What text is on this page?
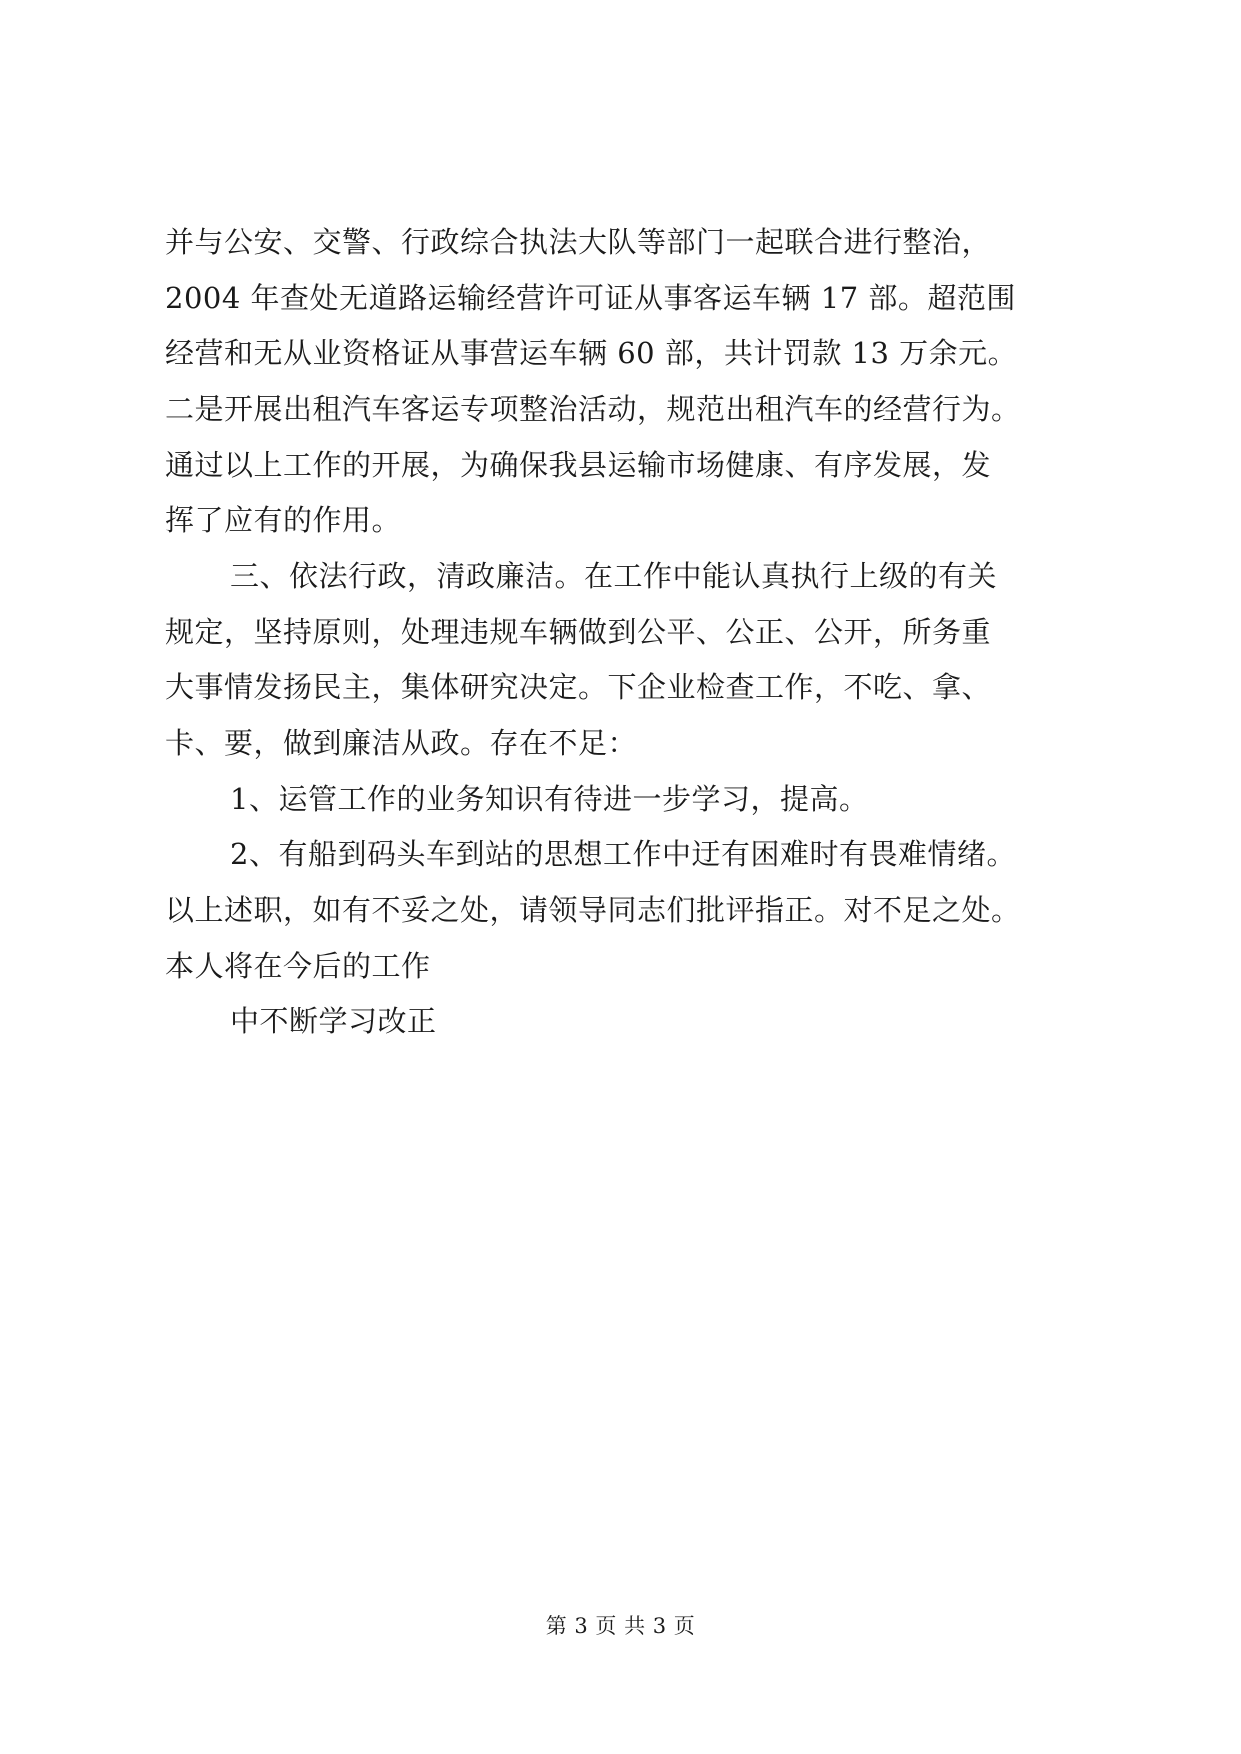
并与公安、交警、行政综合执法大队等部门一起联合进行整治，
2004 年查处无道路运输经营许可证从事客运车辆 17 部。超范围
经营和无从业资格证从事营运车辆 60 部，共计罚款 13 万余元。
二是开展出租汽车客运专项整治活动，规范出租汽车的经营行为。
通过以上工作的开展，为确保我县运输市场健康、有序发展，发
挥了应有的作用。
三、依法行政，清政廉洁。在工作中能认真执行上级的有关
规定，坚持原则，处理违规车辆做到公平、公正、公开，所务重
大事情发扬民主，集体研究决定。下企业检查工作，不吃、拿、
卡、要，做到廉洁从政。存在不足：
1、运管工作的业务知识有待进一步学习，提高。
2、有船到码头车到站的思想工作中迂有困难时有畏难情绪。
以上述职，如有不妥之处，请领导同志们批评指正。对不足之处。
本人将在今后的工作
中不断学习改正
第 3 页 共 3 页
